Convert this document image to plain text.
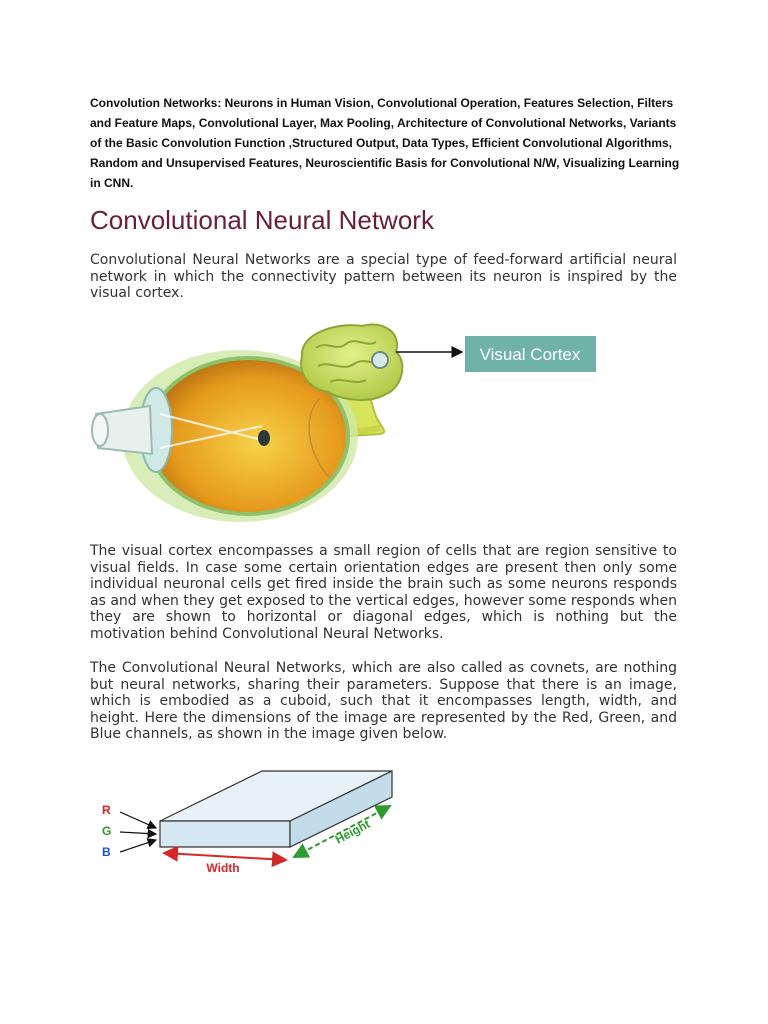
Convolution Networks: Neurons in Human Vision, Convolutional Operation, Features Selection, Filters and Feature Maps, Convolutional Layer, Max Pooling, Architecture of Convolutional Networks, Variants of the Basic Convolution Function ,Structured Output, Data Types, Efficient Convolutional Algorithms, Random and Unsupervised Features, Neuroscientific Basis for Convolutional N/W, Visualizing Learning in CNN.
Convolutional Neural Network

Convolutional Neural Networks are a special type of feed-forward artificial neural network in which the connectivity pattern between its neuron is inspired by the visual cortex.

Visual Cortex

The visual cortex encompasses a small region of cells that are region sensitive to visual fields. In case some certain orientation edges are present then only some individual neuronal cells get fired inside the brain such as some neurons responds as and when they get exposed to the vertical edges, however some responds when they are shown to horizontal or diagonal edges, which is nothing but the motivation behind Convolutional Neural Networks.

The Convolutional Neural Networks, which are also called as covnets, are nothing but neural networks, sharing their parameters. Suppose that there is an image, which is embodied as a cuboid, such that it encompasses length, width, and height. Here the dimensions of the image are represented by the Red, Green, and Blue channels, as shown in the image given below.

R
G
B
Width
Height
